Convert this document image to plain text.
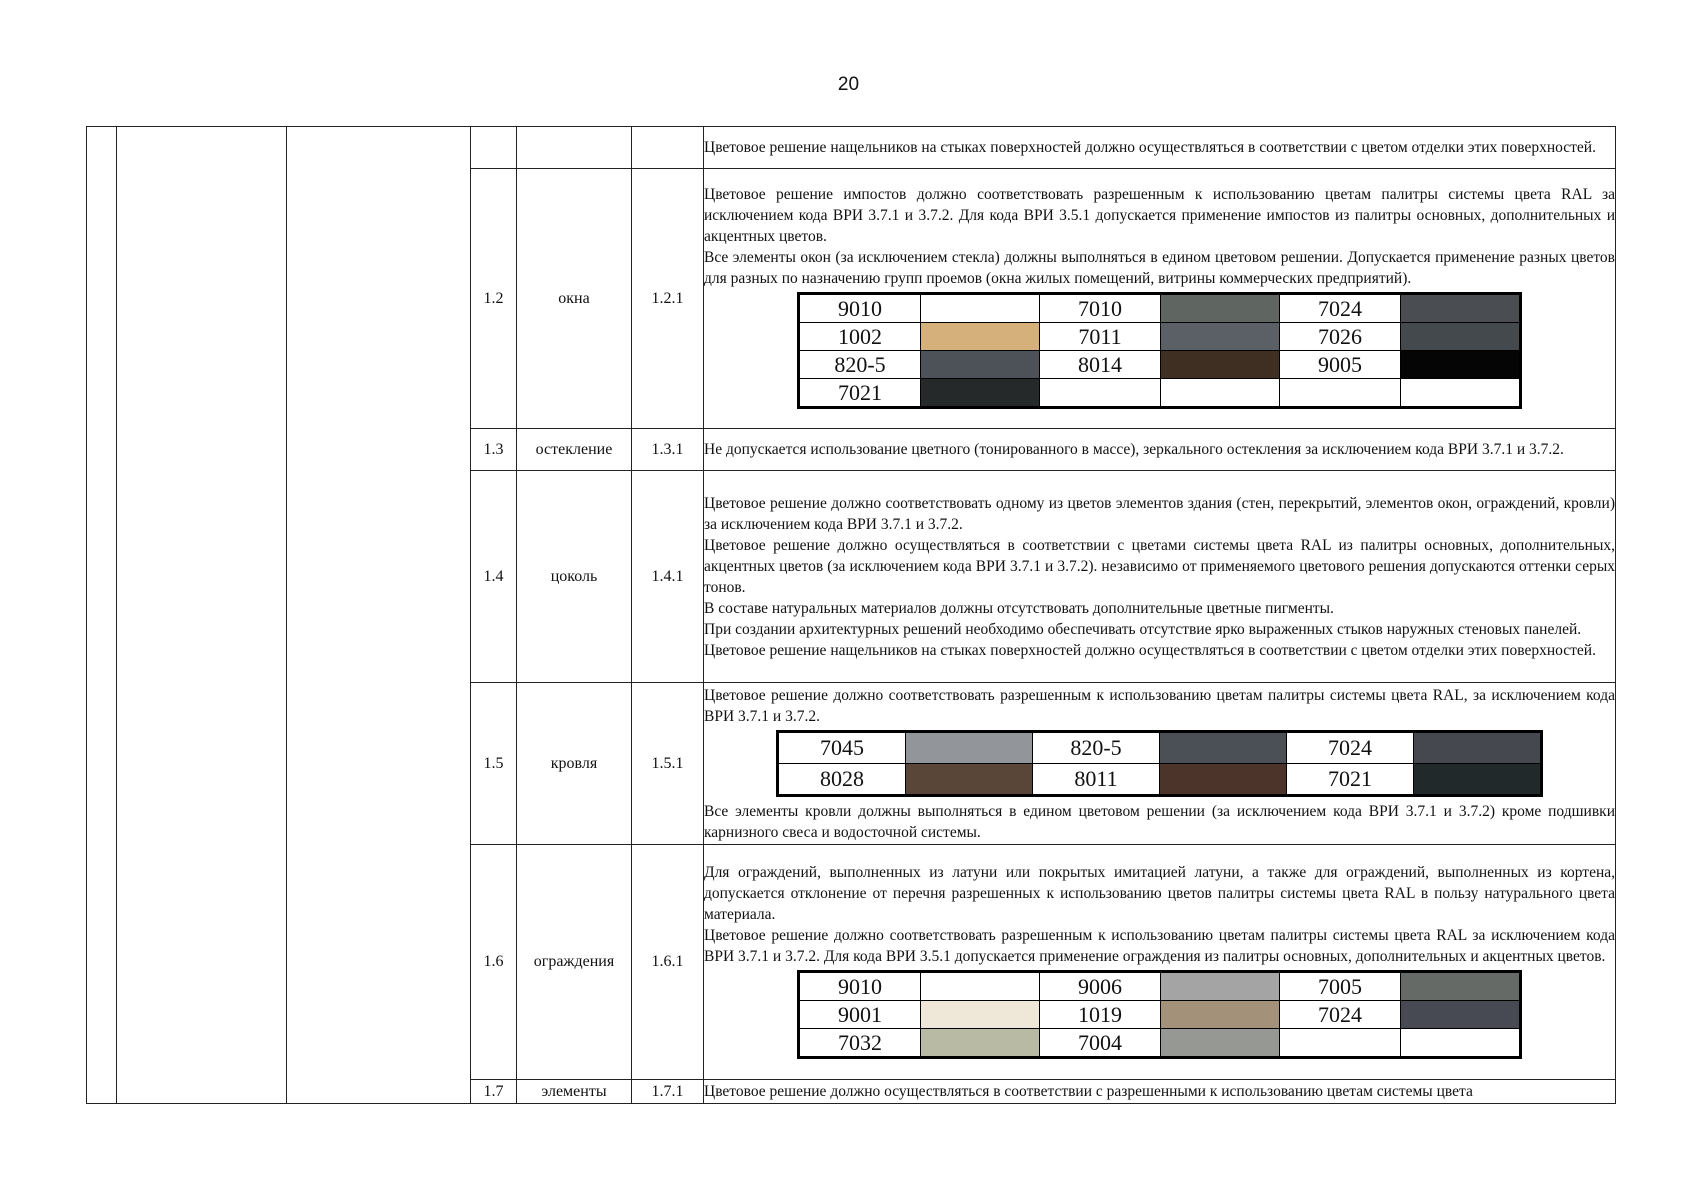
20

Цветовое решение нащельников на стыках поверхностей должно осуществляться в соответствии с цветом отделки этих поверхностей.

1.2	окна	1.2.1	
Цветовое решение импостов должно соответствовать разрешенным к использованию цветам палитры системы цвета RAL за исключением кода ВРИ 3.7.1 и 3.7.2. Для кода ВРИ 3.5.1 допускается применение импостов из палитры основных, дополнительных и акцентных цветов.
Все элементы окон (за исключением стекла) должны выполняться в едином цветовом решении. Допускается применение разных цветов для разных по назначению групп проемов (окна жилых помещений, витрины коммерческих предприятий).
9010		7010		7024	
1002		7011		7026	
820-5		8014		9005	
7021					

1.3	остекление	1.3.1	Не допускается использование цветного (тонированного в массе), зеркального остекления за исключением кода ВРИ 3.7.1 и 3.7.2.

1.4	цоколь	1.4.1	
Цветовое решение должно соответствовать одному из цветов элементов здания (стен, перекрытий, элементов окон, ограждений, кровли) за исключением кода ВРИ 3.7.1 и 3.7.2.
Цветовое решение должно осуществляться в соответствии с цветами системы цвета RAL из палитры основных, дополнительных, акцентных цветов (за исключением кода ВРИ 3.7.1 и 3.7.2). независимо от применяемого цветового решения допускаются оттенки серых тонов.
В составе натуральных материалов должны отсутствовать дополнительные цветные пигменты.
При создании архитектурных решений необходимо обеспечивать отсутствие ярко выраженных стыков наружных стеновых панелей.
Цветовое решение нащельников на стыках поверхностей должно осуществляться в соответствии с цветом отделки этих поверхностей.

1.5	кровля	1.5.1	
Цветовое решение должно соответствовать разрешенным к использованию цветам палитры системы цвета RAL, за исключением кода ВРИ 3.7.1 и 3.7.2.
7045		820-5		7024	
8028		8011		7021	
Все элементы кровли должны выполняться в едином цветовом решении (за исключением кода ВРИ 3.7.1 и 3.7.2) кроме подшивки карнизного свеса и водосточной системы.

1.6	ограждения	1.6.1	
Для ограждений, выполненных из латуни или покрытых имитацией латуни, а также для ограждений, выполненных из кортена, допускается отклонение от перечня разрешенных к использованию цветов палитры системы цвета RAL в пользу натурального цвета материала.
Цветовое решение должно соответствовать разрешенным к использованию цветам палитры системы цвета RAL за исключением кода ВРИ 3.7.1 и 3.7.2. Для кода ВРИ 3.5.1 допускается применение ограждения из палитры основных, дополнительных и акцентных цветов.
9010		9006		7005	
9001		1019		7024	
7032		7004			

1.7	элементы	1.7.1	Цветовое решение должно осуществляться в соответствии с разрешенными к использованию цветам системы цвета
